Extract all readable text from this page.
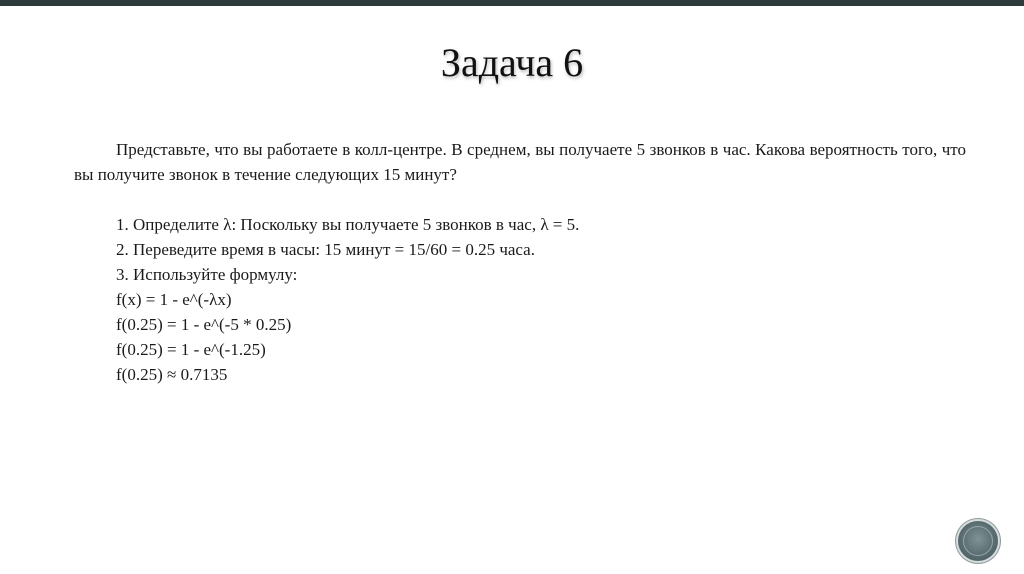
Задача 6

Представьте, что вы работаете в колл-центре. В среднем, вы получаете 5 звонков в час. Какова вероятность того, что вы получите звонок в течение следующих 15 минут?

1. Определите λ: Поскольку вы получаете 5 звонков в час, λ = 5.
2. Переведите время в часы: 15 минут = 15/60 = 0.25 часа.
3. Используйте формулу:
f(x) = 1 - e^(-λx)
f(0.25) = 1 - e^(-5 * 0.25)
f(0.25) = 1 - e^(-1.25)
f(0.25) ≈ 0.7135
